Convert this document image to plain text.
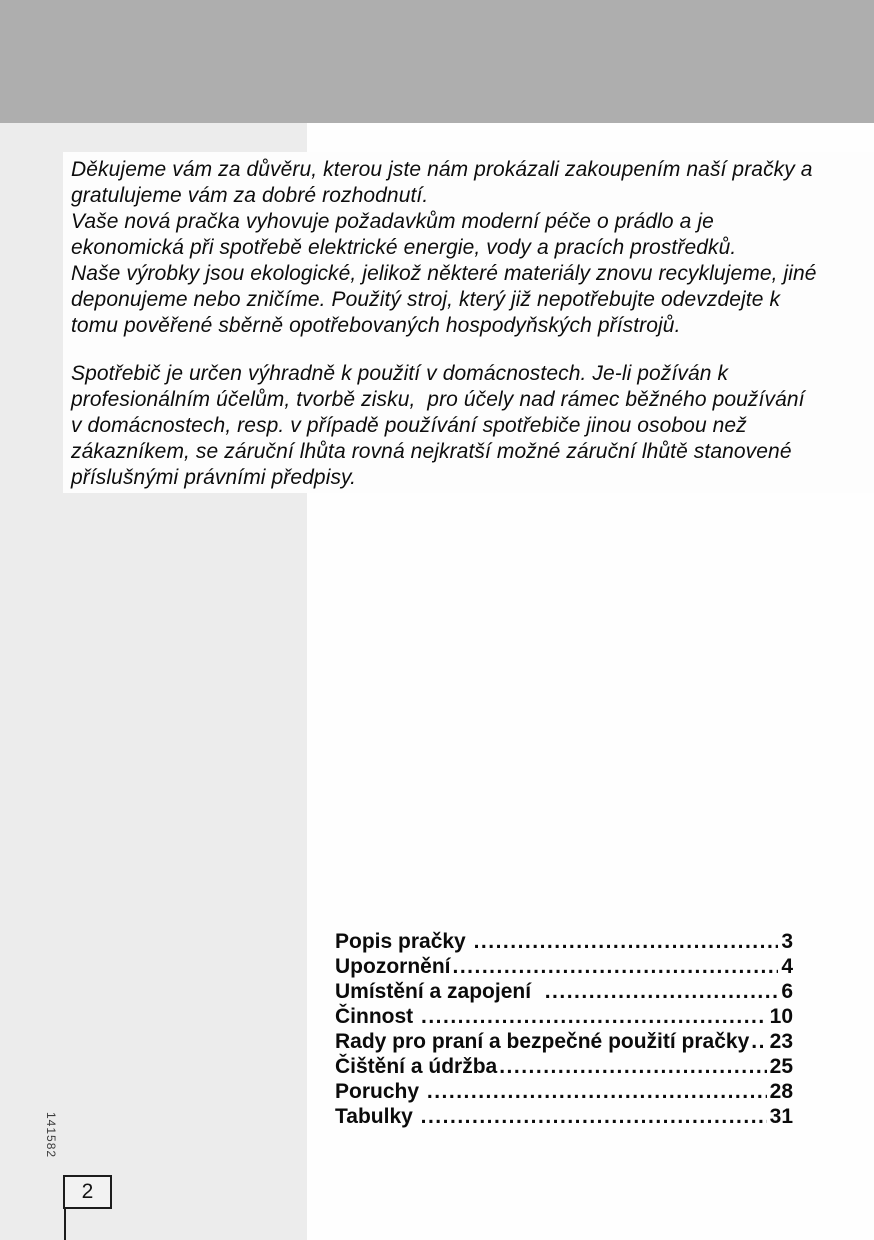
Děkujeme vám za důvěru, kterou jste nám prokázali zakoupením naší pračky a
gratulujeme vám za dobré rozhodnutí.
Vaše nová pračka vyhovuje požadavkům moderní péče o prádlo a je
ekonomická při spotřebě elektrické energie, vody a pracích prostředků.
Naše výrobky jsou ekologické, jelikož některé materiály znovu recyklujeme, jiné
deponujeme nebo zničíme. Použitý stroj, který již nepotřebujte odevzdejte k
tomu pověřené sběrně opotřebovaných hospodyňských přístrojů.
Spotřebič je určen výhradně k použití v domácnostech. Je-li požíván k
profesionálním účelům, tvorbě zisku,  pro účely nad rámec běžného používání
v domácnostech, resp. v případě používání spotřebiče jinou osobou než
zákazníkem, se záruční lhůta rovná nejkratší možné záruční lhůtě stanovené
příslušnými právními předpisy.
Popis pračky .....	3
Upozornění .....	4
Umístění a zapojení .....	6
Činnost .....	10
Rady pro praní a bezpečné použití pračky ..... 23
Čištění a údržba .....	25
Poruchy .....	28
Tabulky .....	31
141582
2
